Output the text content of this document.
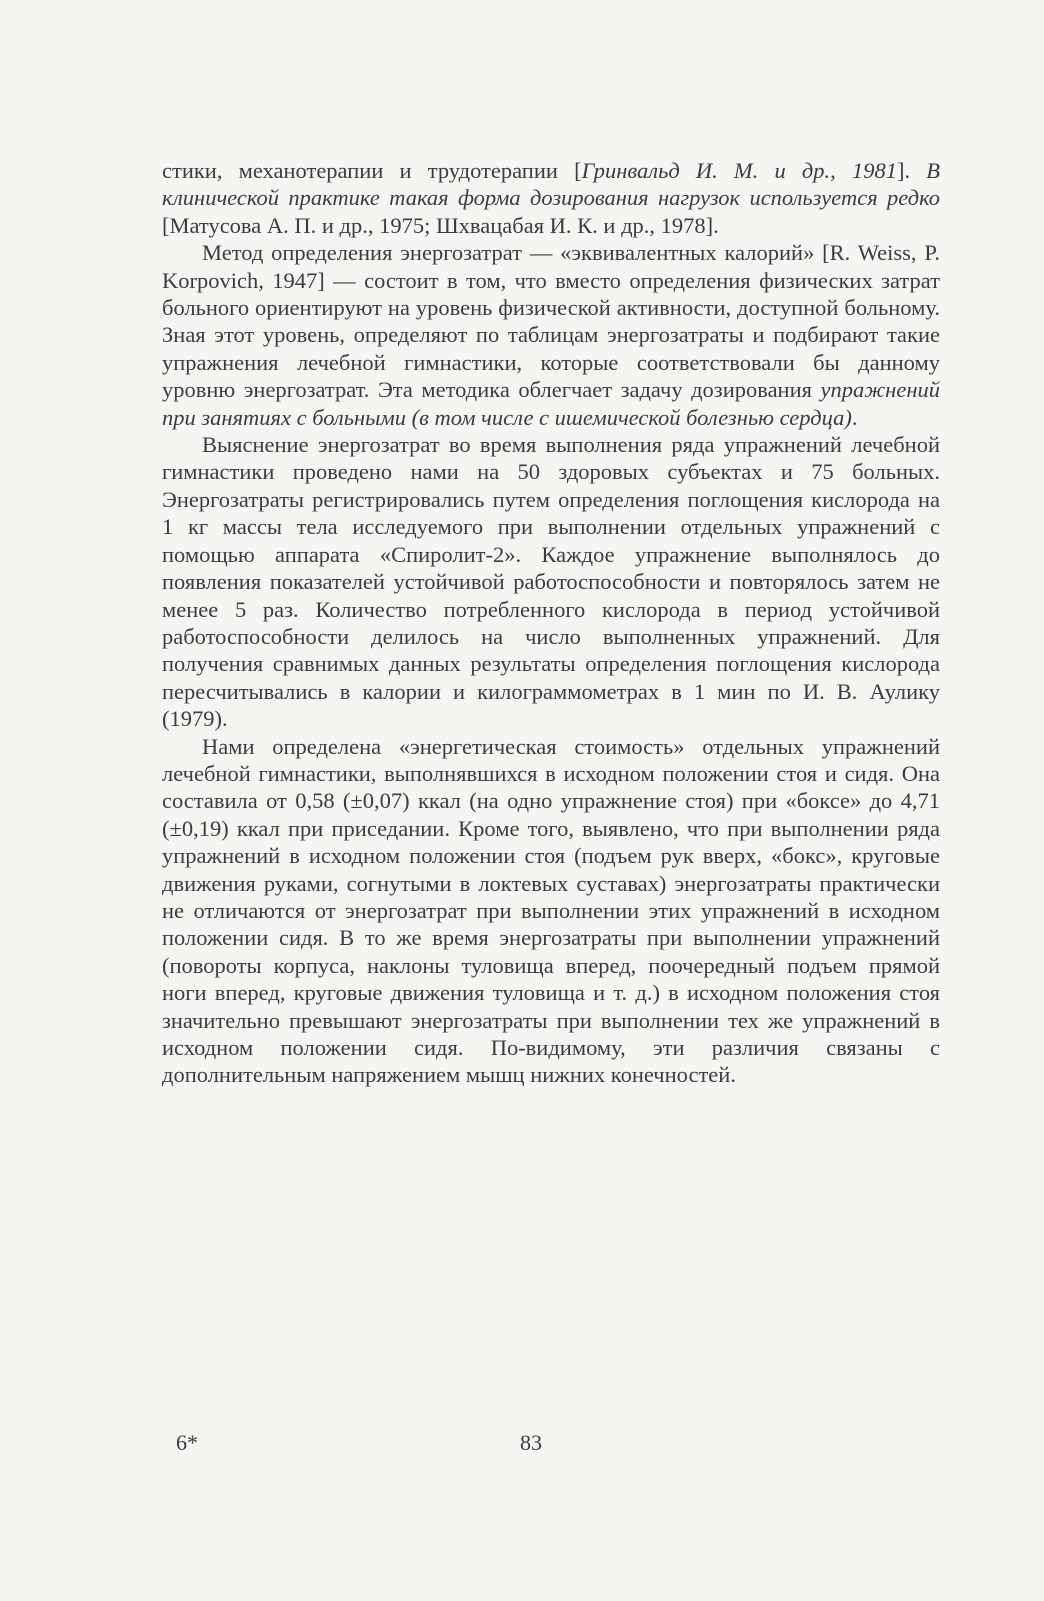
стики, механотерапии и трудотерапии [Гринвальд И. М. и др., 1981]. В клинической практике такая форма дозирования нагрузок используется редко [Матусова А. П. и др., 1975; Шхвацабая И. К. и др., 1978].

Метод определения энергозатрат — «эквивалентных калорий» [R. Weiss, P. Korpovich, 1947] — состоит в том, что вместо определения физических затрат больного ориентируют на уровень физической активности, доступной больному. Зная этот уровень, определяют по таблицам энергозатраты и подбирают такие упражнения лечебной гимнастики, которые соответствовали бы данному уровню энергозатрат. Эта методика облегчает задачу дозирования упражнений при занятиях с больными (в том числе с ишемической болезнью сердца).

Выяснение энергозатрат во время выполнения ряда упражнений лечебной гимнастики проведено нами на 50 здоровых субъектах и 75 больных. Энергозатраты регистрировались путем определения поглощения кислорода на 1 кг массы тела исследуемого при выполнении отдельных упражнений с помощью аппарата «Спиролит-2». Каждое упражнение выполнялось до появления показателей устойчивой работоспособности и повторялось затем не менее 5 раз. Количество потребленного кислорода в период устойчивой работоспособности делилось на число выполненных упражнений. Для получения сравнимых данных результаты определения поглощения кислорода пересчитывались в калории и килограммометрах в 1 мин по И. В. Аулику (1979).

Нами определена «энергетическая стоимость» отдельных упражнений лечебной гимнастики, выполнявшихся в исходном положении стоя и сидя. Она составила от 0,58 (±0,07) ккал (на одно упражнение стоя) при «боксе» до 4,71 (±0,19) ккал при приседании. Кроме того, выявлено, что при выполнении ряда упражнений в исходном положении стоя (подъем рук вверх, «бокс», круговые движения руками, согнутыми в локтевых суставах) энергозатраты практически не отличаются от энергозатрат при выполнении этих упражнений в исходном положении сидя. В то же время энергозатраты при выполнении упражнений (повороты корпуса, наклоны туловища вперед, поочередный подъем прямой ноги вперед, круговые движения туловища и т. д.) в исходном положения стоя значительно превышают энергозатраты при выполнении тех же упражнений в исходном положении сидя. По-видимому, эти различия связаны с дополнительным напряжением мышц нижних конечностей.

6*	83
